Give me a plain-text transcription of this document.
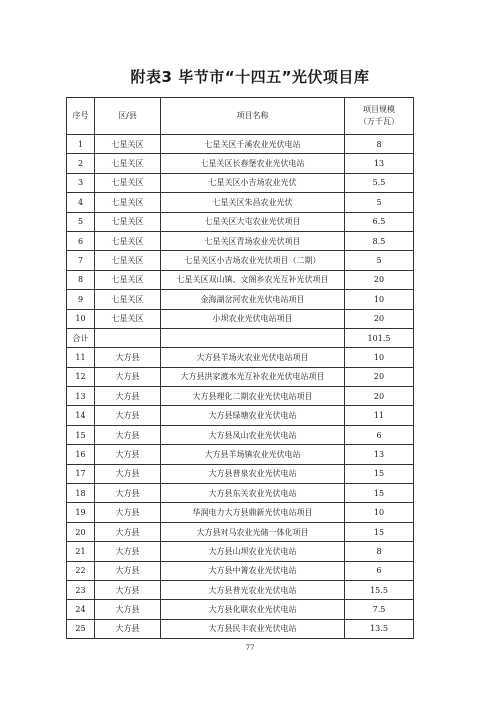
附表3 毕节市“十四五”光伏项目库
序号	区/县	项目名称	项目规模
（万千瓦）

1	七星关区	七星关区千溪农业光伏电站	8
2	七星关区	七星关区长春堡农业光伏电站	13
3	七星关区	七星关区小吉场农业光伏	5.5
4	七星关区	七星关区朱昌农业光伏	5
5	七星关区	七星关区大屯农业光伏项目	6.5
6	七星关区	七星关区青场农业光伏项目	8.5
7	七星关区	七星关区小吉场农业光伏项目（二期）	5
8	七星关区	七星关区双山镇、文阁乡农光互补光伏项目	20
9	七星关区	金海湖岔河农业光伏电站项目	10
10	七星关区	小坝农业光伏电站项目	20
合计			101.5
11	大方县	大方县羊场火农业光伏电站项目	10
12	大方县	大方县洪家渡水光互补农业光伏电站项目	20
13	大方县	大方县理化二期农业光伏电站项目	20
14	大方县	大方县绿塘农业光伏电站	11
15	大方县	大方县凤山农业光伏电站	6
16	大方县	大方县羊场镇农业光伏电站	13
17	大方县	大方县普泉农业光伏电站	15
18	大方县	大方县东关农业光伏电站	15
19	大方县	华润电力大方县鼎新光伏电站项目	10
20	大方县	大方县对马农业光储一体化项目	15
21	大方县	大方县山坝农业光伏电站	8
22	大方县	大方县中箐农业光伏电站	6
23	大方县	大方县普光农业光伏电站	15.5
24	大方县	大方县化联农业光伏电站	7.5
25	大方县	大方县民丰农业光伏电站	13.5
77
